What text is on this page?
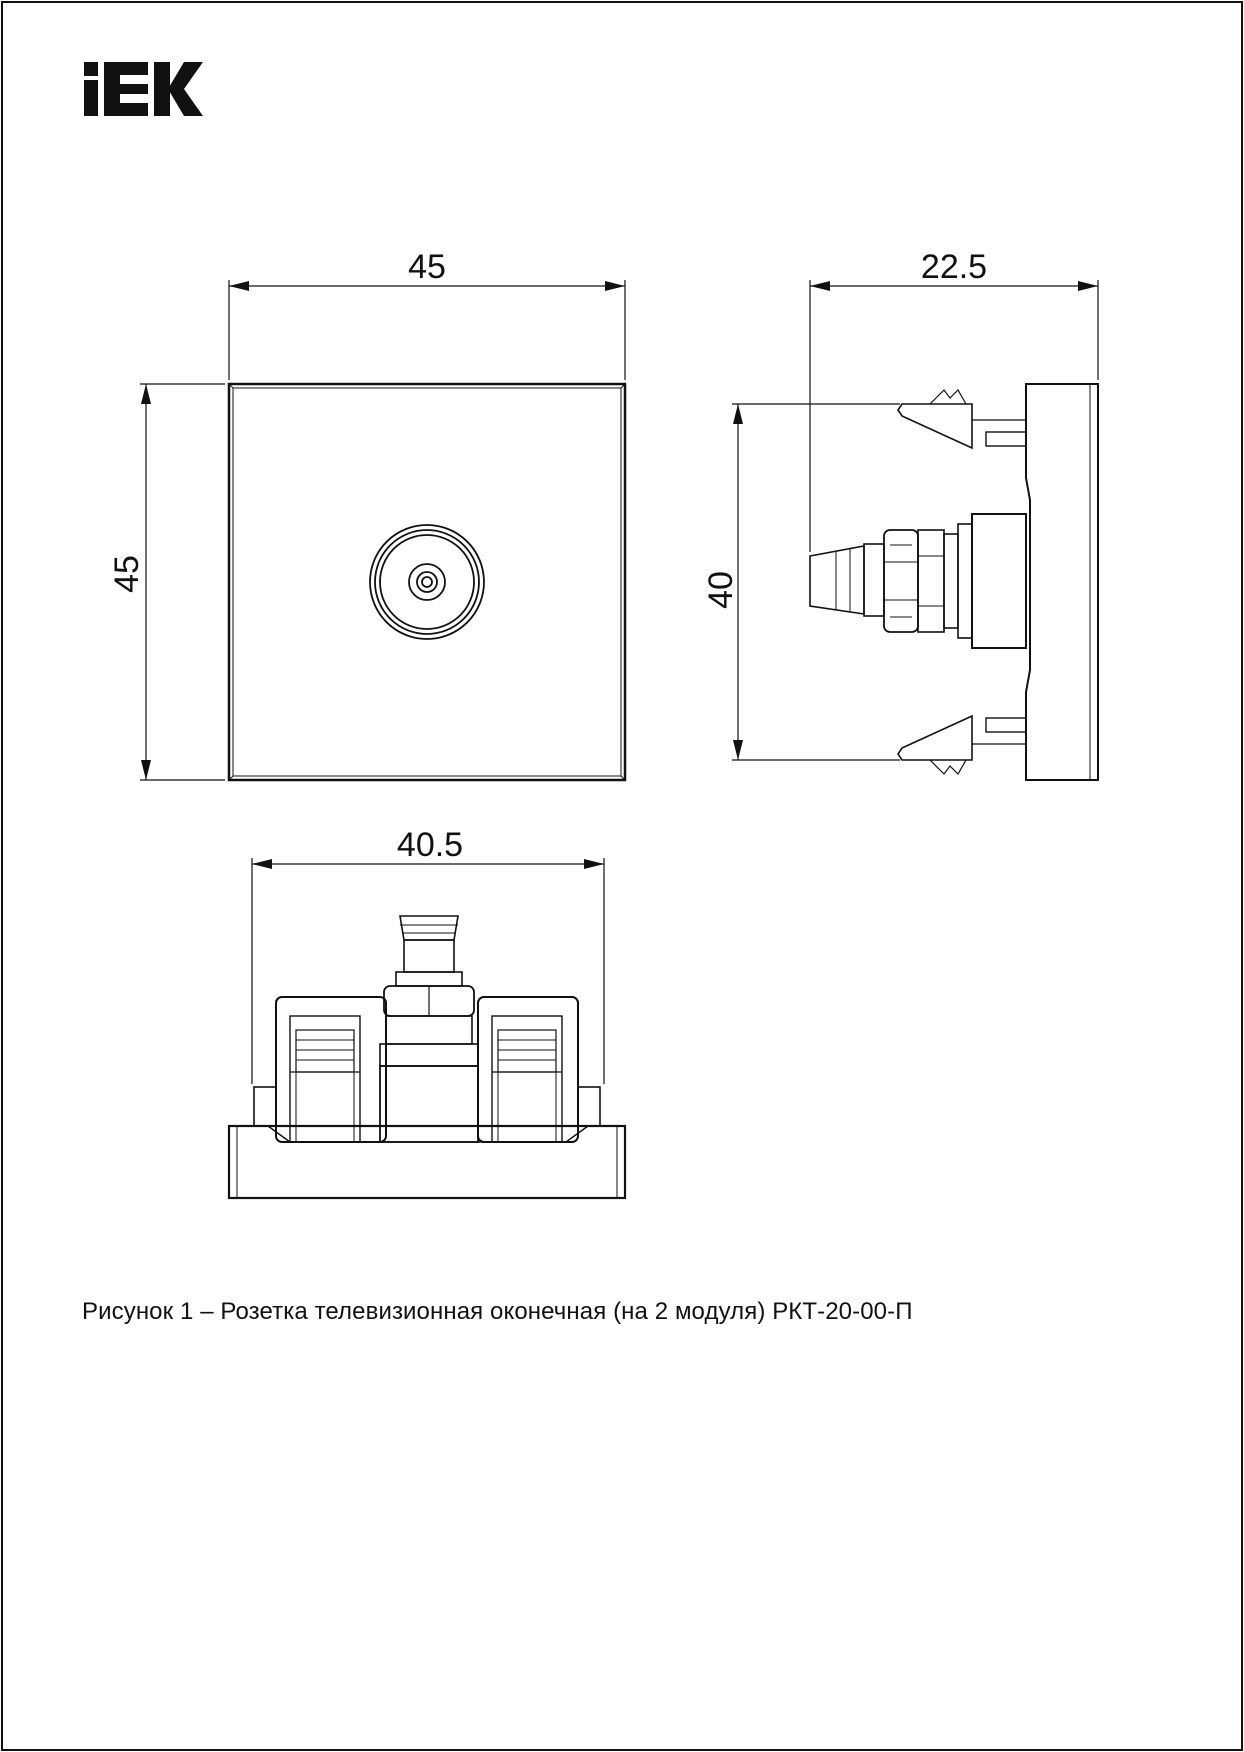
45
45
22.5
40
40.5
Рисунок 1 – Розетка телевизионная оконечная (на 2 модуля) РКТ-20-00-П
